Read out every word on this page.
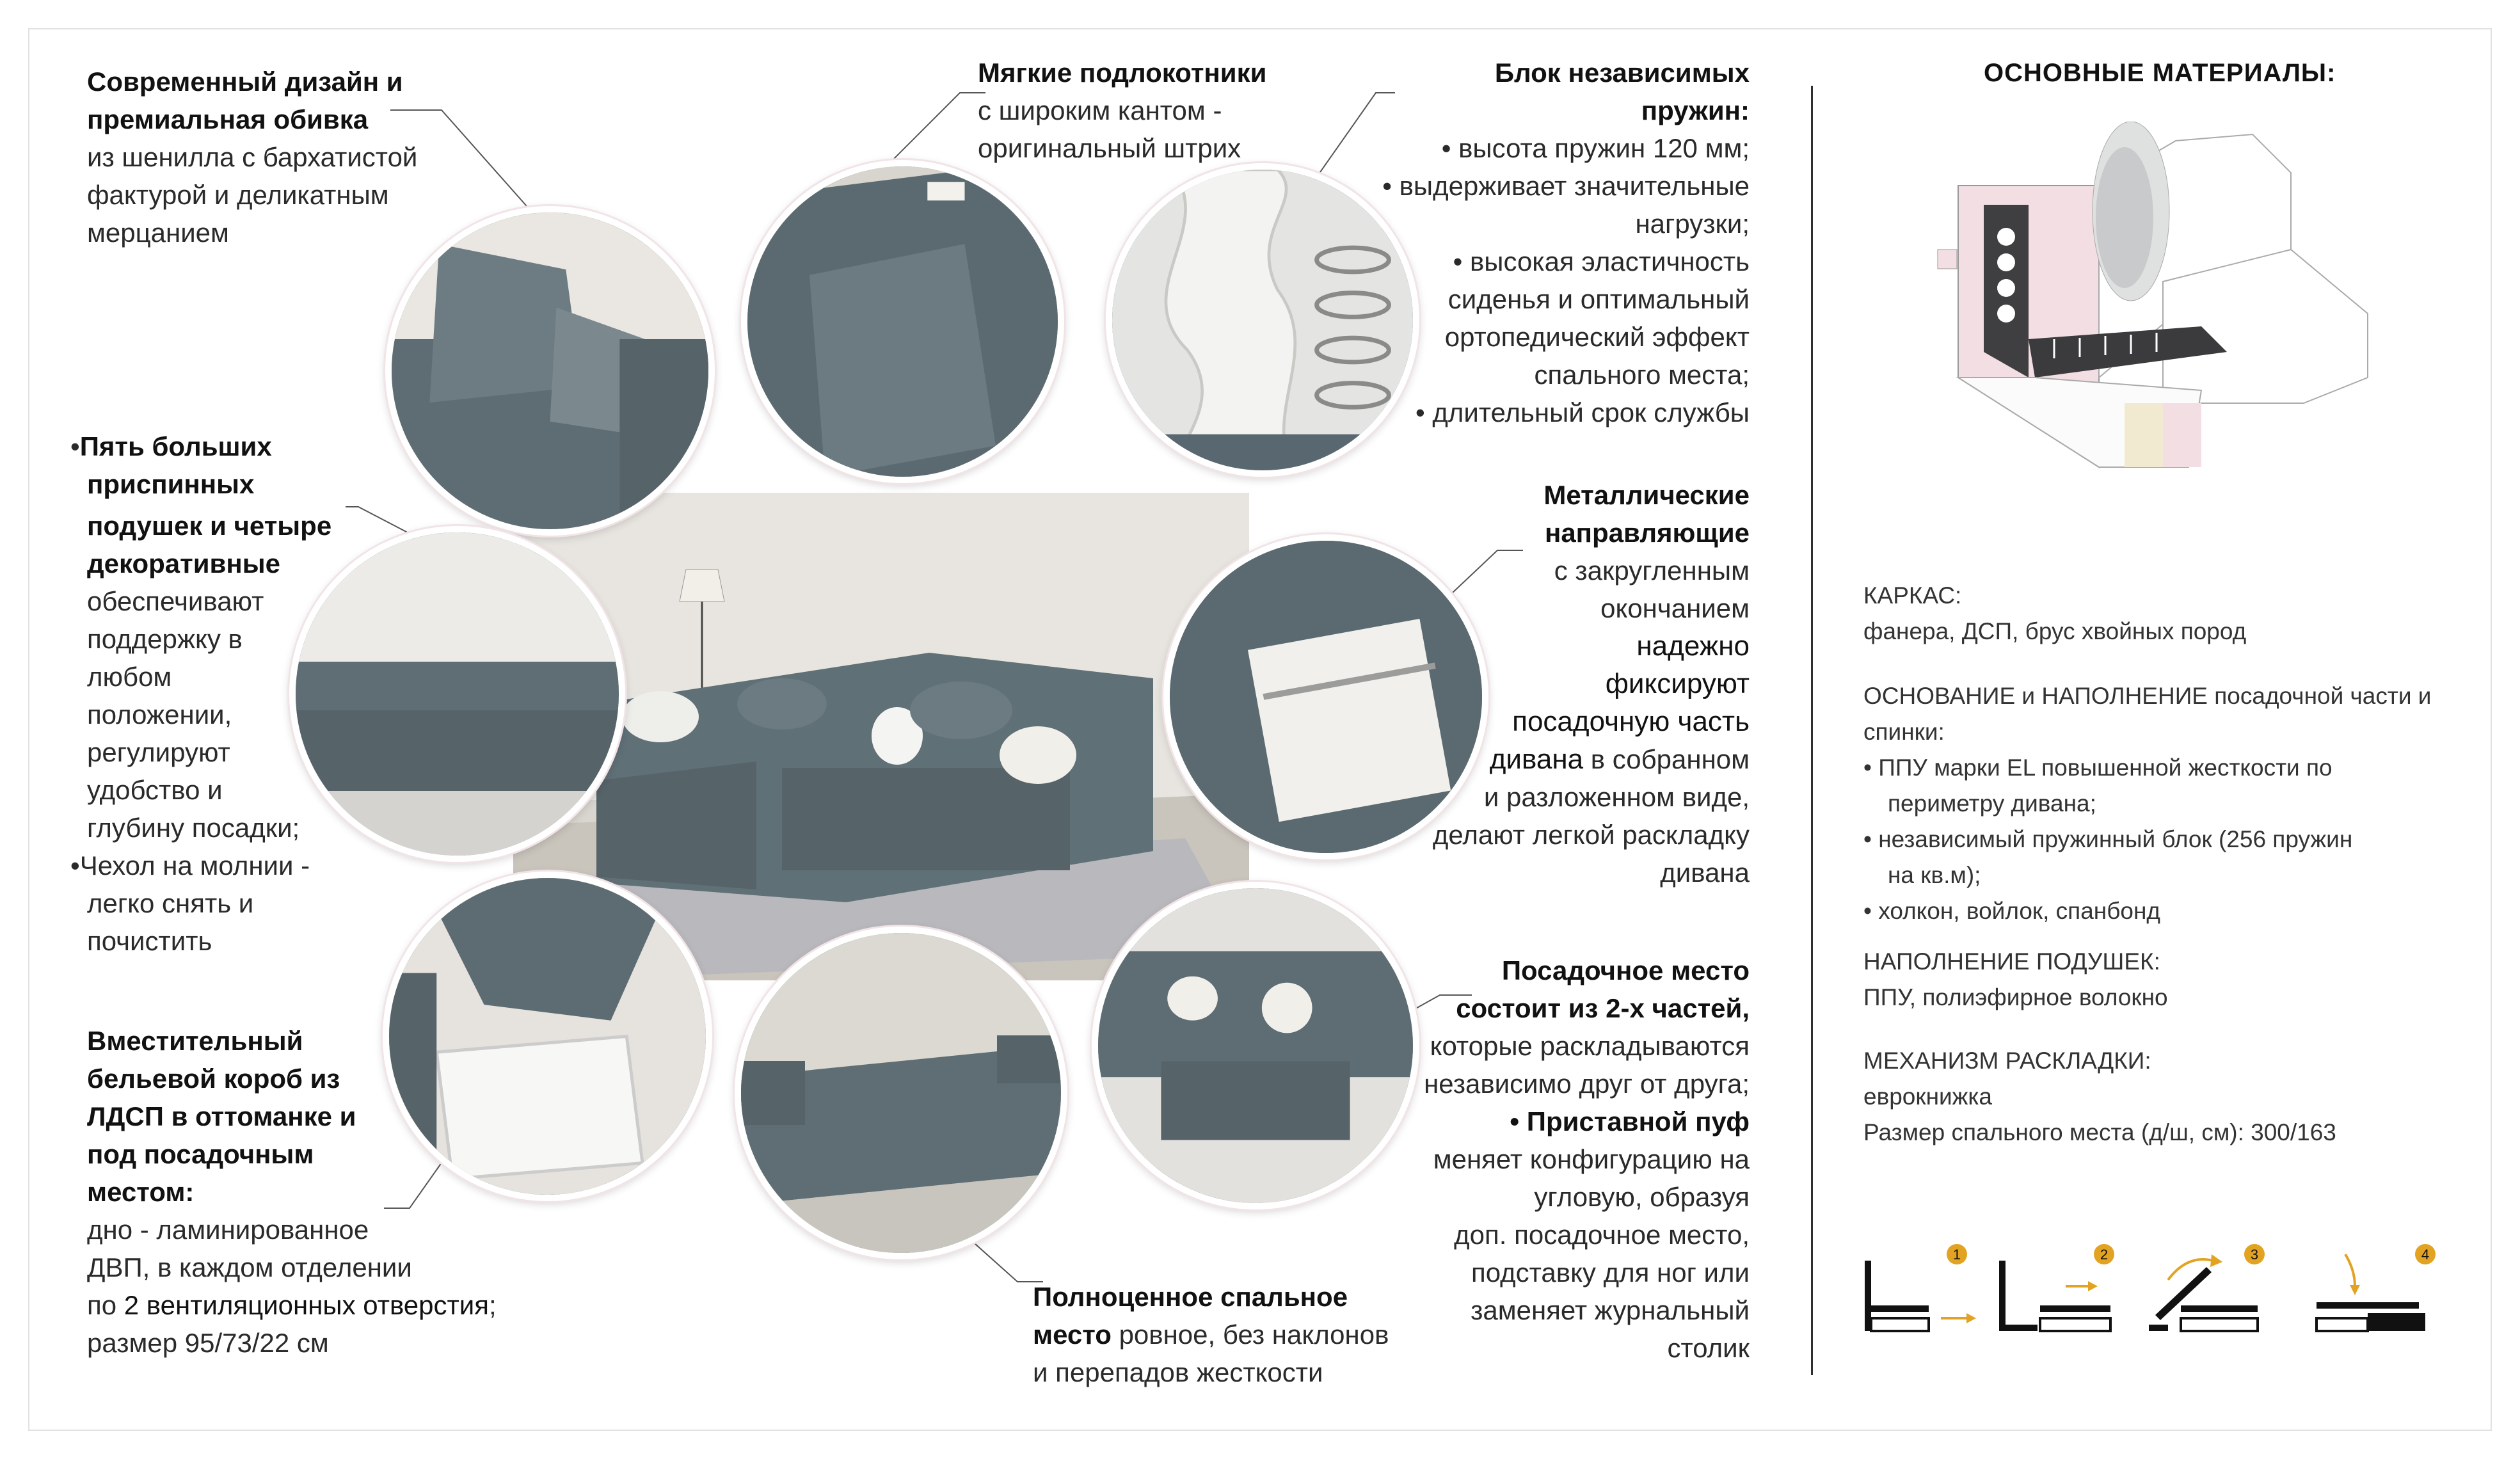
Современный дизайн и
премиальная обивка
из шенилла с бархатистой
фактурой и деликатным
мерцанием
•Пять больших
приспинных
подушек и четыре
декоративные
обеспечивают
поддержку в
любом
положении,
регулируют
удобство и
глубину посадки;
•Чехол на молнии -
легко снять и
почистить
Вместительный
бельевой короб из
ЛДСП в оттоманке и
под посадочным
местом:
дно - ламинированное
ДВП, в каждом отделении
по 2 вентиляционных отверстия;
размер 95/73/22 см
Мягкие подлокотники
с широким кантом -
оригинальный штрих
Полноценное спальное
место ровное, без наклонов
и перепадов жесткости
Блок независимых
пружин:
• высота пружин 120 мм;
• выдерживает значительные
нагрузки;
• высокая эластичность
сиденья и оптимальный
ортопедический эффект
спального места;
• длительный срок службы
Металлические
направляющие
с закругленным
окончанием
надежно
фиксируют
посадочную часть
дивана в собранном
и разложенном виде,
делают легкой раскладку
дивана
Посадочное место
состоит из 2-х частей,
которые раскладываются
независимо друг от друга;
• Приставной пуф
меняет конфигурацию на
угловую, образуя
доп. посадочное место,
подставку для ног или
заменяет журнальный
столик
ОСНОВНЫЕ МАТЕРИАЛЫ:
КАРКАС:
фанера, ДСП, брус хвойных пород
ОСНОВАНИЕ и НАПОЛНЕНИЕ посадочной части и
спинки:
• ППУ марки EL повышенной жесткости по
периметру дивана;
• независимый пружинный блок (256 пружин
на кв.м);
• холкон, войлок, спанбонд
НАПОЛНЕНИЕ ПОДУШЕК:
ППУ, полиэфирное волокно
МЕХАНИЗМ РАСКЛАДКИ:
еврокнижка
Размер спального места (д/ш, см): 300/163
1	2	3	4
